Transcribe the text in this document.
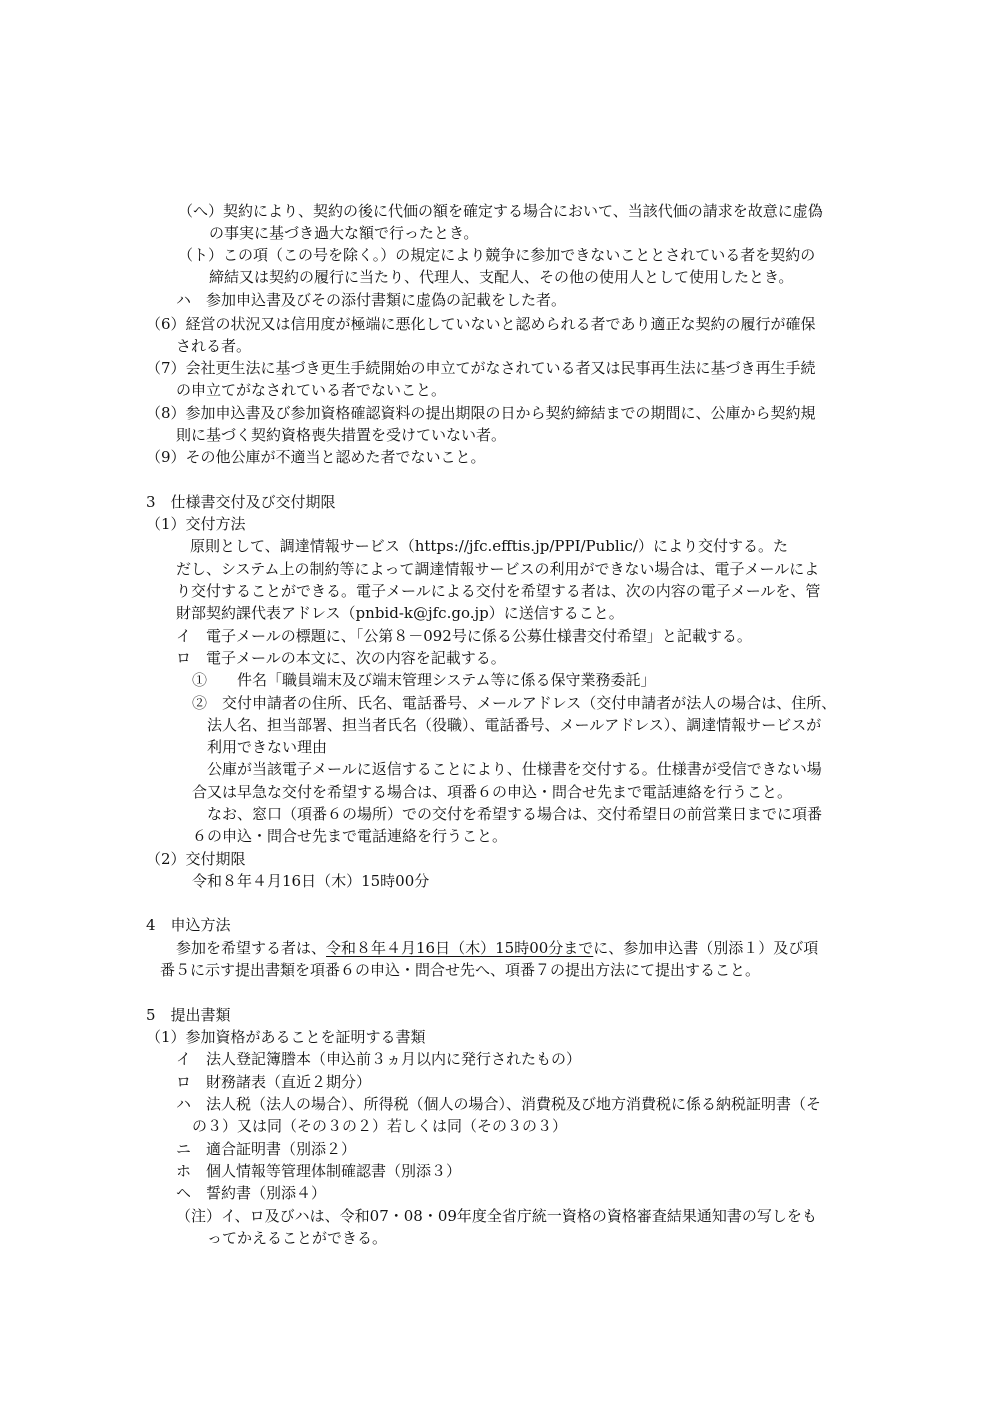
（へ）契約により、契約の後に代価の額を確定する場合において、当該代価の請求を故意に虚偽
の事実に基づき過大な額で行ったとき。
（ト）この項（この号を除く。）の規定により競争に参加できないこととされている者を契約の
締結又は契約の履行に当たり、代理人、支配人、その他の使用人として使用したとき。
ハ　参加申込書及びその添付書類に虚偽の記載をした者。
（6）経営の状況又は信用度が極端に悪化していないと認められる者であり適正な契約の履行が確保
される者。
（7）会社更生法に基づき更生手続開始の申立てがなされている者又は民事再生法に基づき再生手続
の申立てがなされている者でないこと。
（8）参加申込書及び参加資格確認資料の提出期限の日から契約締結までの期間に、公庫から契約規
則に基づく契約資格喪失措置を受けていない者。
（9）その他公庫が不適当と認めた者でないこと。
3　仕様書交付及び交付期限
（1）交付方法
原則として、調達情報サービス（https://jfc.efftis.jp/PPI/Public/）により交付する。た
だし、システム上の制約等によって調達情報サービスの利用ができない場合は、電子メールによ
り交付することができる。電子メールによる交付を希望する者は、次の内容の電子メールを、管
財部契約課代表アドレス（pnbid-k@jfc.go.jp）に送信すること。
イ　電子メールの標題に、「公第８－092号に係る公募仕様書交付希望」と記載する。
ロ　電子メールの本文に、次の内容を記載する。
①　　件名「職員端末及び端末管理システム等に係る保守業務委託」
②　交付申請者の住所、氏名、電話番号、メールアドレス（交付申請者が法人の場合は、住所、
法人名、担当部署、担当者氏名（役職）、電話番号、メールアドレス）、調達情報サービスが
利用できない理由
公庫が当該電子メールに返信することにより、仕様書を交付する。仕様書が受信できない場
合又は早急な交付を希望する場合は、項番６の申込・問合せ先まで電話連絡を行うこと。
なお、窓口（項番６の場所）での交付を希望する場合は、交付希望日の前営業日までに項番
６の申込・問合せ先まで電話連絡を行うこと。
（2）交付期限
令和８年４月16日（木）15時00分
4　申込方法
参加を希望する者は、令和８年４月16日（木）15時00分までに、参加申込書（別添１）及び項
番５に示す提出書類を項番６の申込・問合せ先へ、項番７の提出方法にて提出すること。
5　提出書類
（1）参加資格があることを証明する書類
イ　法人登記簿謄本（申込前３ヵ月以内に発行されたもの）
ロ　財務諸表（直近２期分）
ハ　法人税（法人の場合）、所得税（個人の場合）、消費税及び地方消費税に係る納税証明書（そ
の３）又は同（その３の２）若しくは同（その３の３）
ニ　適合証明書（別添２）
ホ　個人情報等管理体制確認書（別添３）
ヘ　誓約書（別添４）
（注）イ、ロ及びハは、令和07・08・09年度全省庁統一資格の資格審査結果通知書の写しをも
ってかえることができる。
